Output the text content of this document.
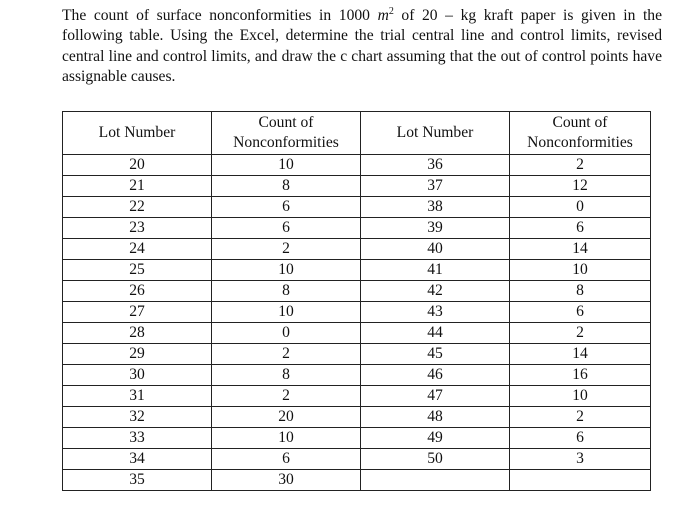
The count of surface nonconformities in 1000 $m^2$ of 20 – kg kraft paper is given in the following table. Using the Excel, determine the trial central line and control limits, revised central line and control limits, and draw the c chart assuming that the out of control points have assignable causes.

Lot Number	Count of Nonconformities	Lot Number	Count of Nonconformities
20	10	36	2
21	8	37	12
22	6	38	0
23	6	39	6
24	2	40	14
25	10	41	10
26	8	42	8
27	10	43	6
28	0	44	2
29	2	45	14
30	8	46	16
31	2	47	10
32	20	48	2
33	10	49	6
34	6	50	3
35	30		
